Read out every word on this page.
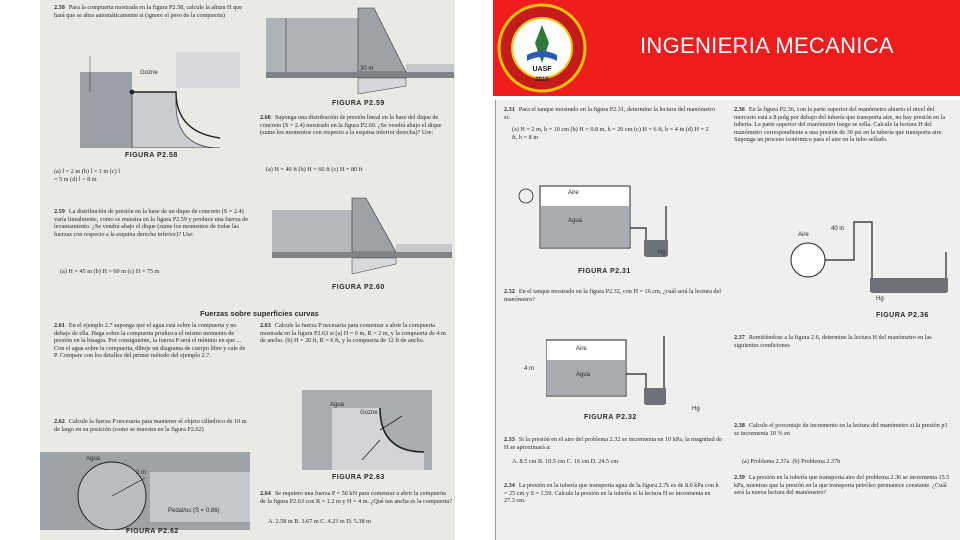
2.58 Para la compuerta mostrada en la figura P2.58, calcule la altura H que hará que se abra automáticamente si (ignore el peso de la compuerta)
Gozne
FIGURA P2.58
(a) l = 2 m (b) l = 1 m (c) l = 5 m (d) l = 8 m
30 m
FIGURA P2.59
2.60 Suponga una distribución de presión lineal en la base del dique de concreto (S = 2.4) mostrado en la figura P2.60. ¿Se vendrá abajo el dique (sume los momentos con respecto a la esquina inferior derecha)? Use:
(a) H = 40 ft (b) H = 60 ft (c) H = 80 ft
2.59 La distribución de presión en la base de un dique de concreto (S = 2.4) varía linealmente, como se muestra en la figura P2.59 y produce una fuerza de levantamiento. ¿Se vendrá abajo el dique (sume los momentos de todas las fuerzas con respecto a la esquina derecha inferior)? Use:
(a) H = 45 m (b) H = 60 m (c) H = 75 m
FIGURA P2.60
Fuerzas sobre superficies curvas
2.61 En el ejemplo 2.7 suponga que el agua está sobre la compuerta y no debajo de ella. Haga sobre la compuerta produzca el mismo momento de presión en la bisagra. Por consiguiente, la fuerza P será el mínimo en que ... Con el agua sobre la compuerta, dibuje un diagrama de cuerpo libre y cale de P. Compare con los detalles del primer método del ejemplo 2.7.
2.63 Calcule la fuerza P necesaria para comenzar a abrir la compuerta mostrada en la figura P2.63 si (a) H = 6 m, R = 2 m, y la compuerta de 4 m de ancho. (b) H = 20 ft, R = 6 ft, y la compuerta de 12 ft de ancho.
2.62 Calcule la fuerza P necesaria para mantener el objeto cilíndrico de 10 m de largo en su posición (como se muestra en la figura P2.62)
Agua
Gozne
FIGURA P2.63
Agua
2 m
Pedal/os (S = 0.86)
FIGURA P2.62
2.64 Se requiere una fuerza P = 50 kN para comenzar a abrir la compuerta de la figura P2.63 con R = 1.2 m y H = 4 m. ¿Qué tan ancha es la compuerta?
A. 2.58 m B. 3.67 m C. 4.23 m D. 5.38 m
UASF
2010
INGENIERIA MECANICA
2.31 Para el tanque mostrado en la figura P2.31, determine la lectura del manómetro si:
(a) H = 2 m, h = 10 cm (b) H = 0.8 m, h = 20 cm (c) H = 6 ft, h = 4 in (d) H = 2 ft, h = 8 in
Aire
Agua
Hg
FIGURA P2.31
2.32 En el tanque mostrado en la figura P2.32, con H = 16 cm, ¿cuál será la lectura del manómetro?
Aire
Agua
4 m
Hg
FIGURA P2.32
2.33 Si la presión en el aire del problema 2.32 se incrementa en 10 kPa, la magnitud de H se aproximará a:
A. 8.5 cm B. 10.5 cm C. 16 cm D. 24.5 cm
2.34 La presión en la tubería que transporta agua de la figura 2.7b es de 8.0 kPa con h = 25 cm y S = 1.59. Calcule la presión en la tubería si la lectura H se incrementa en 27.3 cm.
2.36 En la figura P2.36, con la parte superior del manómetro abierto el nivel del mercurio está a 8 pulg por debajo del tubería que transporta aire, no hay presión en la tubería. La parte superior del manómetro luego se sella. Calcule la lectura H del manómetro correspondiente a una presión de 30 psi en la tubería que transporta aire. Suponga un proceso isotérmico para el aire en la tubo sellado.
Aire
40 in
Hg
FIGURA P2.36
2.37 Remitiéndose a la figura 2.6, determine la lectura H del manómetro en las siguientes condiciones
2.38 Calcule el porcentaje de incremento en la lectura del manómetro si la presión p1 se incrementa 10 % en
(a) Problema 2.37a. (b) Problema 2.37b
2.39 La presión en la tubería que transporta aire del problema 2.36 se incrementa 15.5 kPa, mientras que la presión en la que transporta petróleo permanece constante. ¿Cuál será la nueva lectura del manómetro?
